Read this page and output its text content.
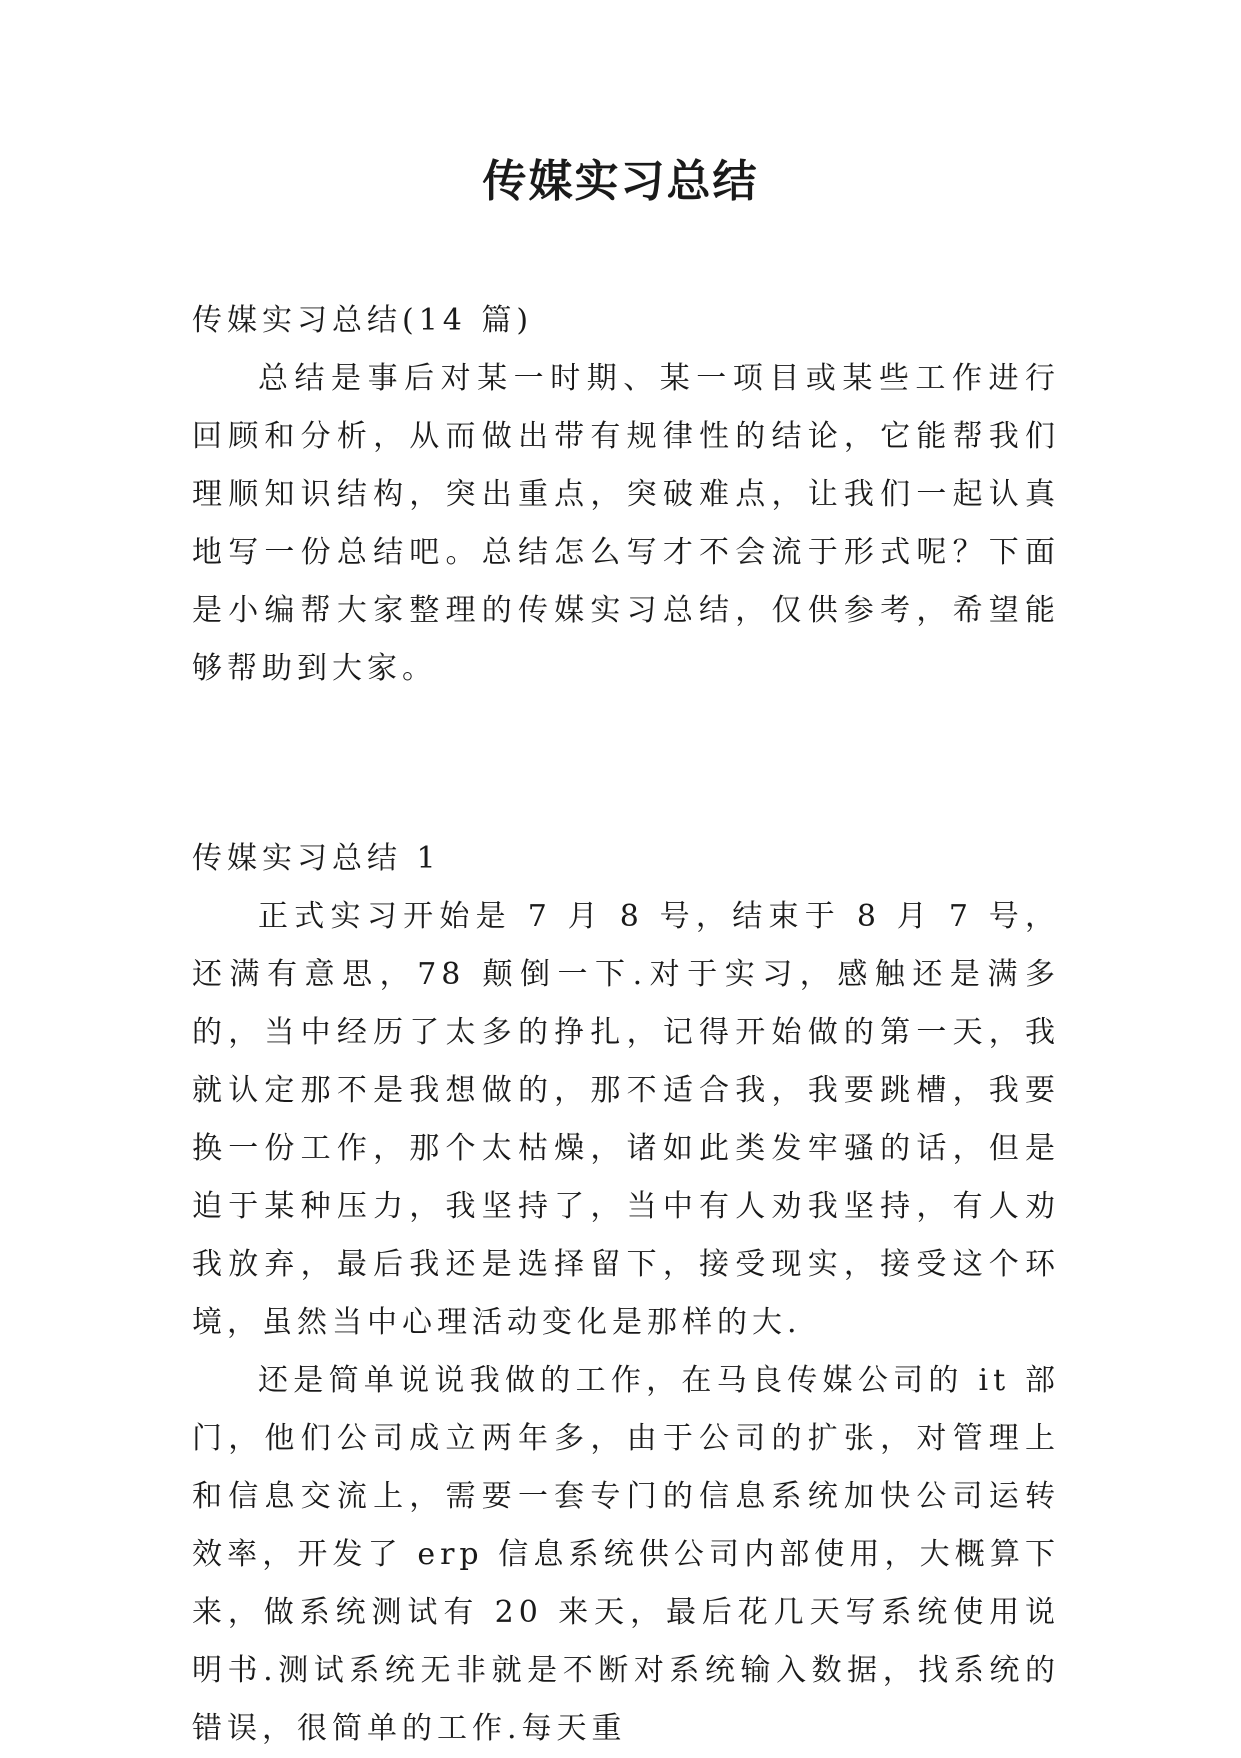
传媒实习总结

传媒实习总结(14 篇)

总结是事后对某一时期、某一项目或某些工作进行回顾和分析，从而做出带有规律性的结论，它能帮我们理顺知识结构，突出重点，突破难点，让我们一起认真地写一份总结吧。总结怎么写才不会流于形式呢？下面是小编帮大家整理的传媒实习总结，仅供参考，希望能够帮助到大家。

传媒实习总结 1

正式实习开始是 7 月 8 号，结束于 8 月 7 号，还满有意思，78 颠倒一下.对于实习，感触还是满多的，当中经历了太多的挣扎，记得开始做的第一天，我就认定那不是我想做的，那不适合我，我要跳槽，我要换一份工作，那个太枯燥，诸如此类发牢骚的话，但是迫于某种压力，我坚持了，当中有人劝我坚持，有人劝我放弃，最后我还是选择留下，接受现实，接受这个环境，虽然当中心理活动变化是那样的大.

还是简单说说我做的工作，在马良传媒公司的 it 部门，他们公司成立两年多，由于公司的扩张，对管理上和信息交流上，需要一套专门的信息系统加快公司运转效率，开发了 erp 信息系统供公司内部使用，大概算下来，做系统测试有 20 来天，最后花几天写系统使用说明书.测试系统无非就是不断对系统输入数据，找系统的错误，很简单的工作.每天重
